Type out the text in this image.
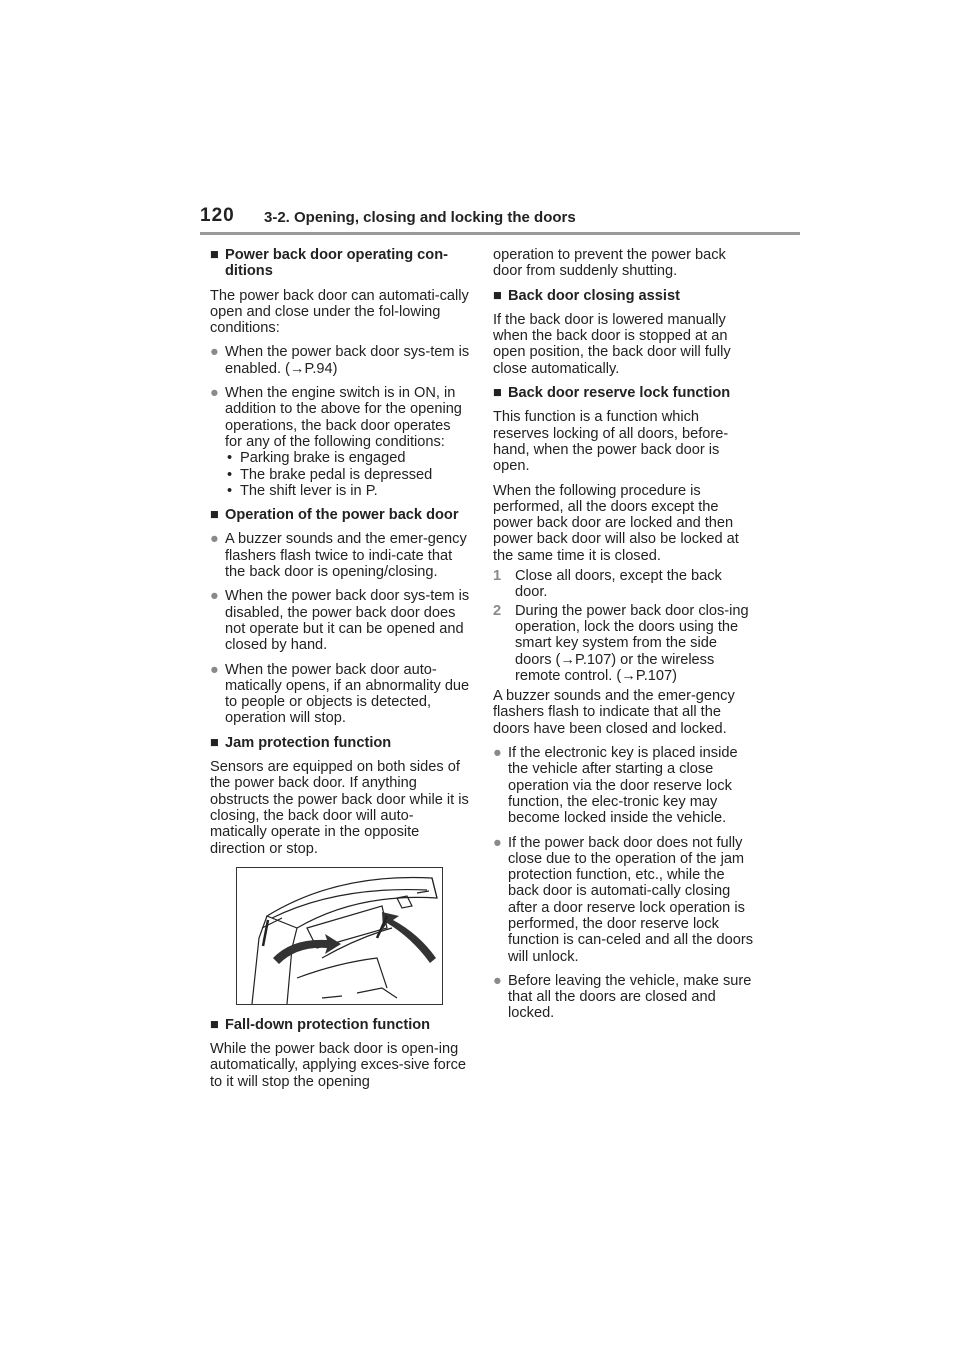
120 3-2. Opening, closing and locking the doors
■ Power back door operating con-ditions
The power back door can automati-cally open and close under the fol-lowing conditions:
● When the power back door sys-tem is enabled. (→P.94)
● When the engine switch is in ON, in addition to the above for the opening operations, the back door operates for any of the following conditions:
• Parking brake is engaged
• The brake pedal is depressed
• The shift lever is in P.
■ Operation of the power back door
● A buzzer sounds and the emer-gency flashers flash twice to indi-cate that the back door is opening/closing.
● When the power back door sys-tem is disabled, the power back door does not operate but it can be opened and closed by hand.
● When the power back door auto-matically opens, if an abnormality due to people or objects is detected, operation will stop.
■ Jam protection function
Sensors are equipped on both sides of the power back door. If anything obstructs the power back door while it is closing, the back door will auto-matically operate in the opposite direction or stop.
■ Fall-down protection function
While the power back door is open-ing automatically, applying exces-sive force to it will stop the opening
operation to prevent the power back door from suddenly shutting.
■ Back door closing assist
If the back door is lowered manually when the back door is stopped at an open position, the back door will fully close automatically.
■ Back door reserve lock function
This function is a function which reserves locking of all doors, before-hand, when the power back door is open.
When the following procedure is performed, all the doors except the power back door are locked and then power back door will also be locked at the same time it is closed.
1 Close all doors, except the back door.
2 During the power back door clos-ing operation, lock the doors using the smart key system from the side doors (→P.107) or the wireless remote control. (→P.107)
A buzzer sounds and the emer-gency flashers flash to indicate that all the doors have been closed and locked.
● If the electronic key is placed inside the vehicle after starting a close operation via the door reserve lock function, the elec-tronic key may become locked inside the vehicle.
● If the power back door does not fully close due to the operation of the jam protection function, etc., while the back door is automati-cally closing after a door reserve lock operation is performed, the door reserve lock function is can-celed and all the doors will unlock.
● Before leaving the vehicle, make sure that all the doors are closed and locked.
